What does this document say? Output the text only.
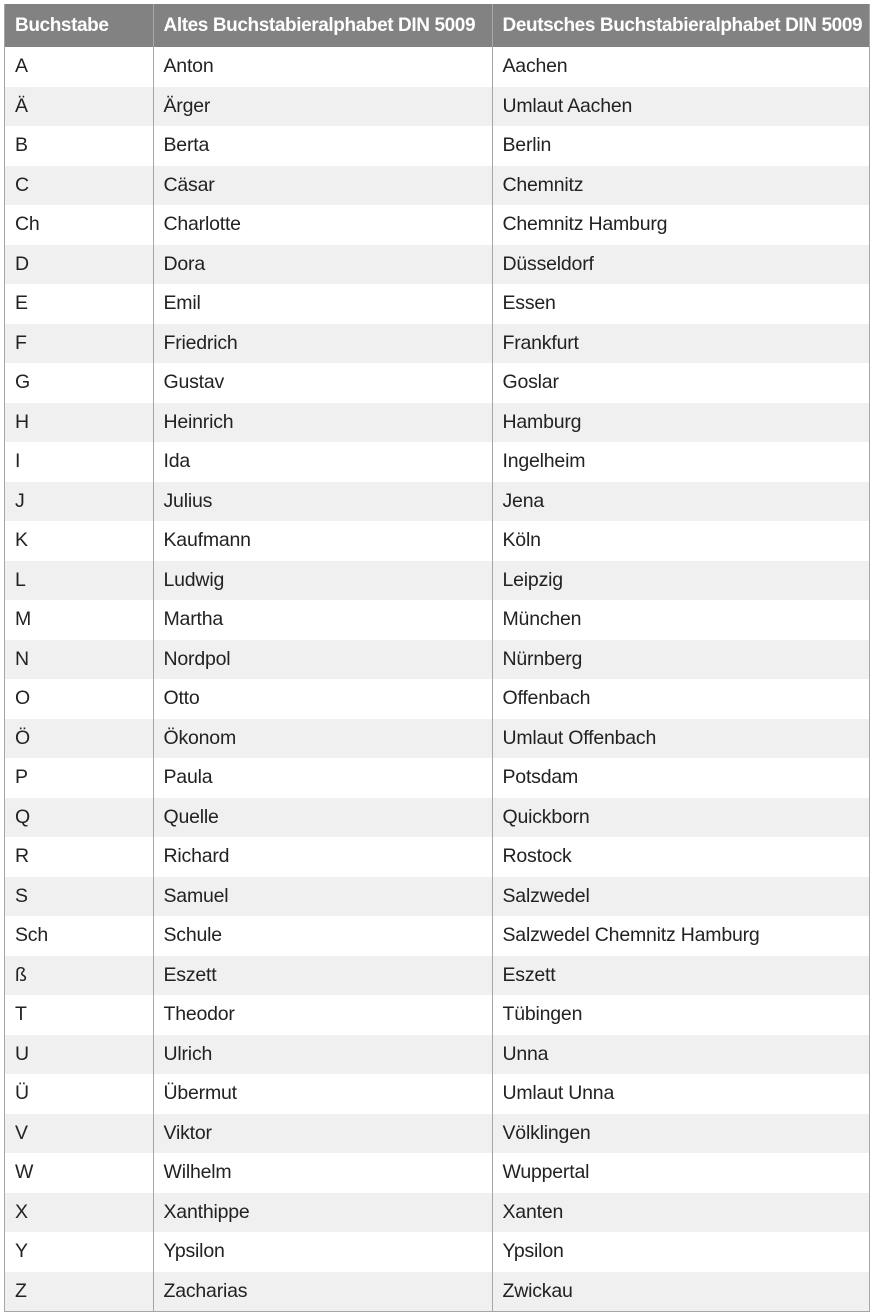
Buchstabe	Altes Buchstabieralphabet DIN 5009	Deutsches Buchstabieralphabet DIN 5009
A	Anton	Aachen
Ä	Ärger	Umlaut Aachen
B	Berta	Berlin
C	Cäsar	Chemnitz
Ch	Charlotte	Chemnitz Hamburg
D	Dora	Düsseldorf
E	Emil	Essen
F	Friedrich	Frankfurt
G	Gustav	Goslar
H	Heinrich	Hamburg
I	Ida	Ingelheim
J	Julius	Jena
K	Kaufmann	Köln
L	Ludwig	Leipzig
M	Martha	München
N	Nordpol	Nürnberg
O	Otto	Offenbach
Ö	Ökonom	Umlaut Offenbach
P	Paula	Potsdam
Q	Quelle	Quickborn
R	Richard	Rostock
S	Samuel	Salzwedel
Sch	Schule	Salzwedel Chemnitz Hamburg
ß	Eszett	Eszett
T	Theodor	Tübingen
U	Ulrich	Unna
Ü	Übermut	Umlaut Unna
V	Viktor	Völklingen
W	Wilhelm	Wuppertal
X	Xanthippe	Xanten
Y	Ypsilon	Ypsilon
Z	Zacharias	Zwickau
